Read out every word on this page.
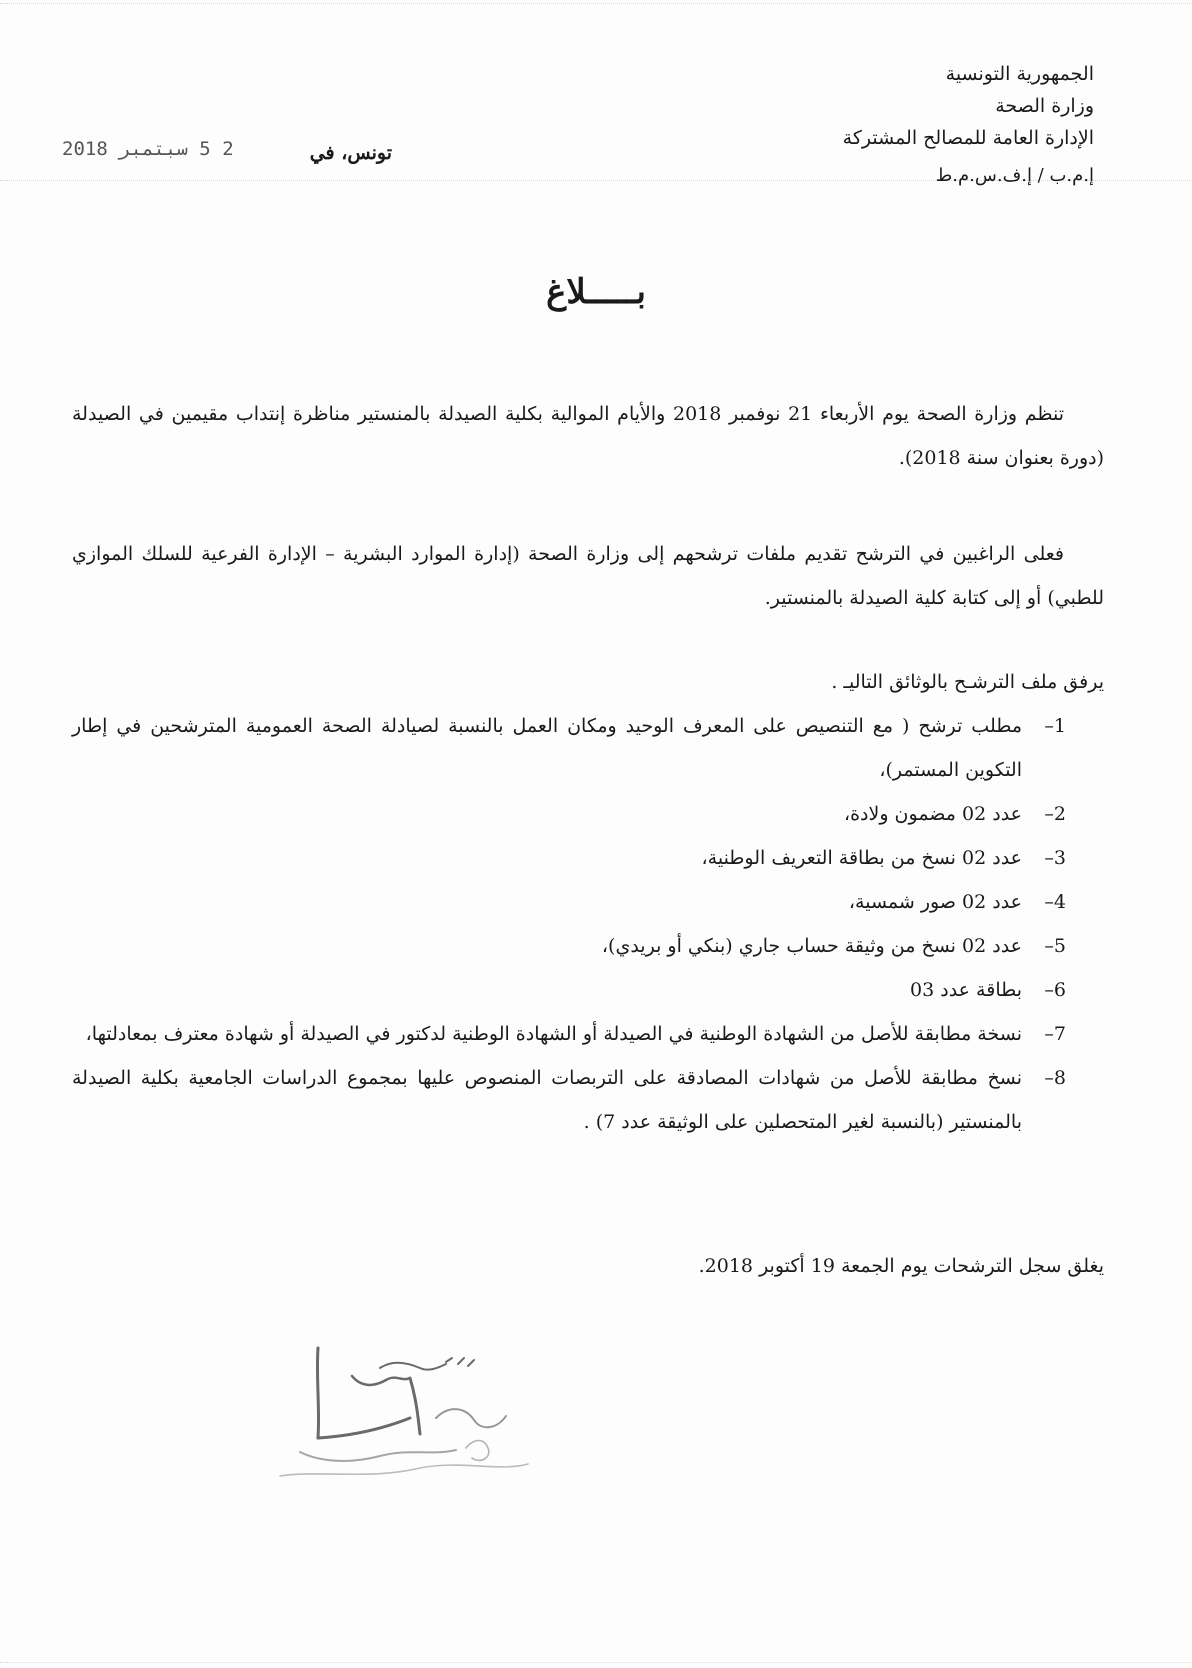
الجمهورية التونسية
وزارة الصحة
الإدارة العامة للمصالح المشتركة
إ.م.ب / إ.ف.س.م.ط
2 5 سبتمبر 2018	تونس، في
بـــــلاغ
تنظم وزارة الصحة يوم الأربعاء 21 نوفمبر 2018 والأيام الموالية بكلية الصيدلة بالمنستير مناظرة إنتداب مقيمين في الصيدلة (دورة بعنوان سنة 2018).
فعلى الراغبين في الترشح تقديم ملفات ترشحهم إلى وزارة الصحة (إدارة الموارد البشرية – الإدارة الفرعية للسلك الموازي للطبي) أو إلى كتابة كلية الصيدلة بالمنستير.
يرفق ملف الترشـح بالوثائق التاليـ .
1–
مطلب ترشح ( مع التنصيص على المعرف الوحيد ومكان العمل بالنسبة لصيادلة الصحة العمومية المترشحين في إطار التكوين المستمر)،
2–
عدد 02 مضمون ولادة،
3–
عدد 02 نسخ من بطاقة التعريف الوطنية،
4–
عدد 02 صور شمسية،
5–
عدد 02 نسخ من وثيقة حساب جاري (بنكي أو بريدي)،
6–
بطاقة عدد 03
7–
نسخة مطابقة للأصل من الشهادة الوطنية في الصيدلة أو الشهادة الوطنية لدكتور في الصيدلة أو شهادة معترف بمعادلتها،
8–
نسخ مطابقة للأصل من شهادات المصادقة على التربصات المنصوص عليها بمجموع الدراسات الجامعية بكلية الصيدلة بالمنستير (بالنسبة لغير المتحصلين على الوثيقة عدد 7) .
يغلق سجل الترشحات يوم الجمعة 19 أكتوبر 2018.
